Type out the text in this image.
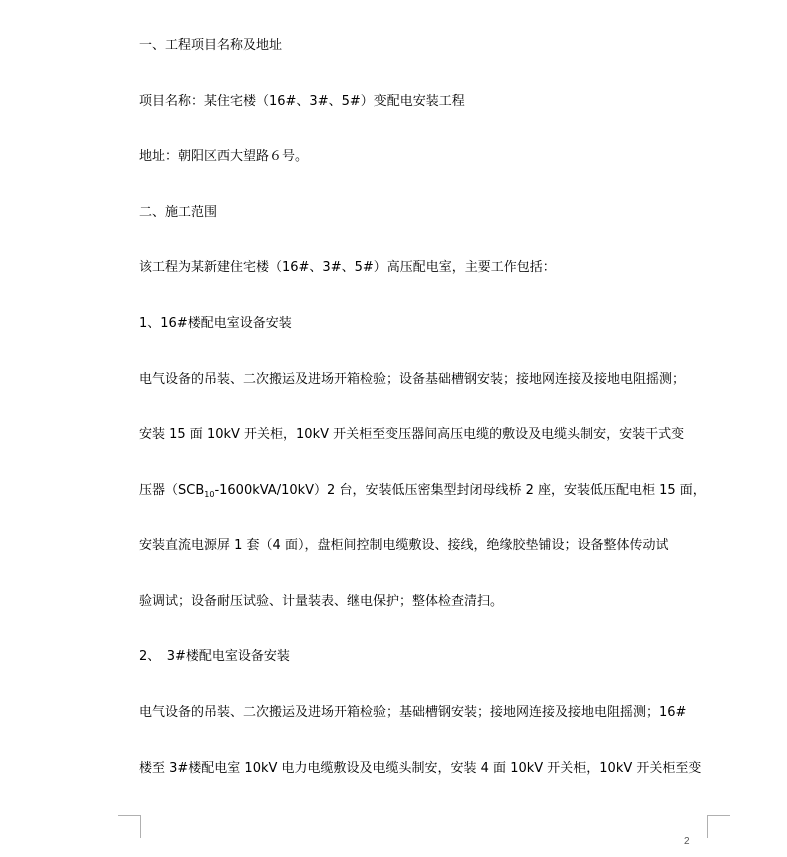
一、工程项目名称及地址
项目名称：某住宅楼（16#、3#、5#）变配电安装工程
地址：朝阳区西大望路６号。
二、施工范围
该工程为某新建住宅楼（16#、3#、5#）高压配电室，主要工作包括：
1、16#楼配电室设备安装
电气设备的吊装、二次搬运及进场开箱检验；设备基础槽钢安装；接地网连接及接地电阻摇测；
安装 15 面 10kV 开关柜，10kV 开关柜至变压器间高压电缆的敷设及电缆头制安，安装干式变
压器$(SCB_{10}-1600kVA/10kV)2$ 台，安装低压密集型封闭母线桥 2 座，安装低压配电柜 15 面，
安装直流电源屏 1 套（4 面），盘柜间控制电缆敷设、接线，绝缘胶垫铺设；设备整体传动试
验调试；设备耐压试验、计量装表、继电保护；整体检查清扫。
2、　3#楼配电室设备安装
电气设备的吊装、二次搬运及进场开箱检验；基础槽钢安装；接地网连接及接地电阻摇测；16#
楼至 3#楼配电室 10kV 电力电缆敷设及电缆头制安，安装 4 面 10kV 开关柜，10kV 开关柜至变
2
